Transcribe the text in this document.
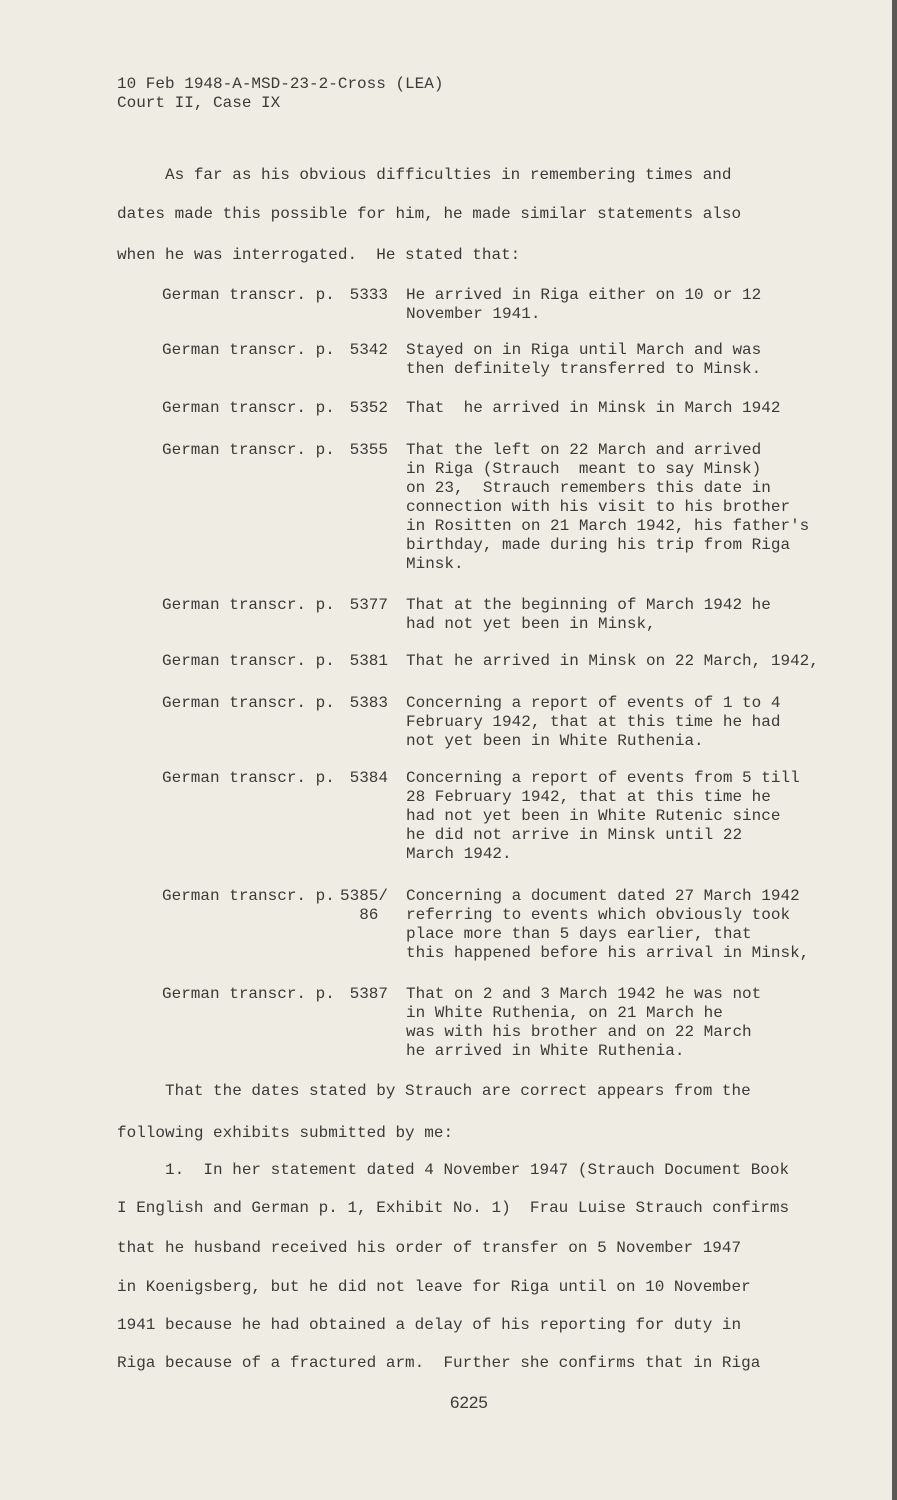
10 Feb 1948-A-MSD-23-2-Cross (LEA)
Court II, Case IX
As far as his obvious difficulties in remembering times and
dates made this possible for him, he made similar statements also
when he was interrogated.  He stated that:
German transcr. p. 5333 He arrived in Riga either on 10 or 12
November 1941.
German transcr. p. 5342 Stayed on in Riga until March and was
then definitely transferred to Minsk.
German transcr. p. 5352 That  he arrived in Minsk in March 1942
German transcr. p. 5355 That the left on 22 March and arrived
in Riga (Strauch  meant to say Minsk)
on 23,  Strauch remembers this date in
connection with his visit to his brother
in Rositten on 21 March 1942, his father's
birthday, made during his trip from Riga
Minsk.
German transcr. p. 5377 That at the beginning of March 1942 he
had not yet been in Minsk,
German transcr. p. 5381 That he arrived in Minsk on 22 March, 1942,
German transcr. p. 5383 Concerning a report of events of 1 to 4
February 1942, that at this time he had
not yet been in White Ruthenia.
German transcr. p. 5384 Concerning a report of events from 5 till
28 February 1942, that at this time he
had not yet been in White Rutenic since
he did not arrive in Minsk until 22
March 1942.
German transcr. p. 5385/
86
Concerning a document dated 27 March 1942
referring to events which obviously took
place more than 5 days earlier, that
this happened before his arrival in Minsk,
German transcr. p. 5387 That on 2 and 3 March 1942 he was not
in White Ruthenia, on 21 March he
was with his brother and on 22 March
he arrived in White Ruthenia.
That the dates stated by Strauch are correct appears from the
following exhibits submitted by me:
1.  In her statement dated 4 November 1947 (Strauch Document Book
I English and German p. 1, Exhibit No. 1)  Frau Luise Strauch confirms
that he husband received his order of transfer on 5 November 1947
in Koenigsberg, but he did not leave for Riga until on 10 November
1941 because he had obtained a delay of his reporting for duty in
Riga because of a fractured arm.  Further she confirms that in Riga
6225
